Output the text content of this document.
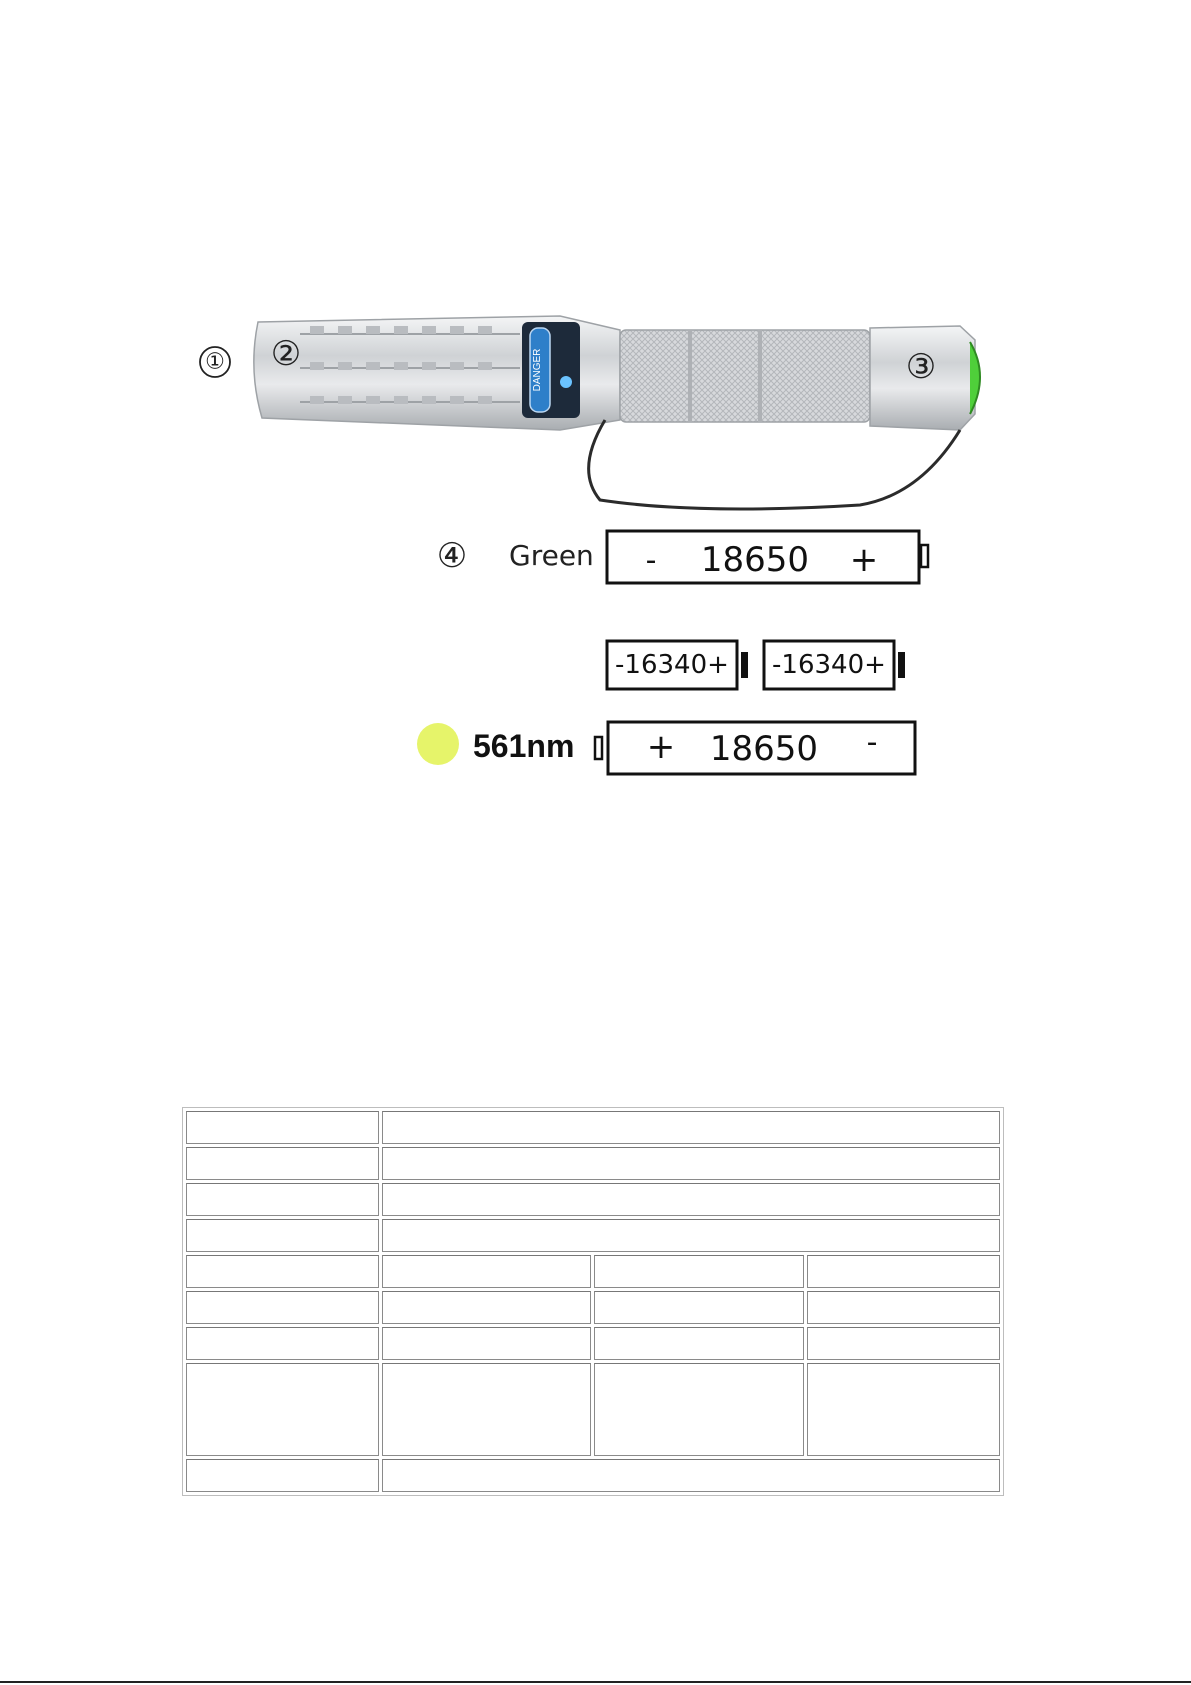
DANGER
① ②	③
④ Green - 18650 +
-16340+ -16340+
561nm + 18650 -
